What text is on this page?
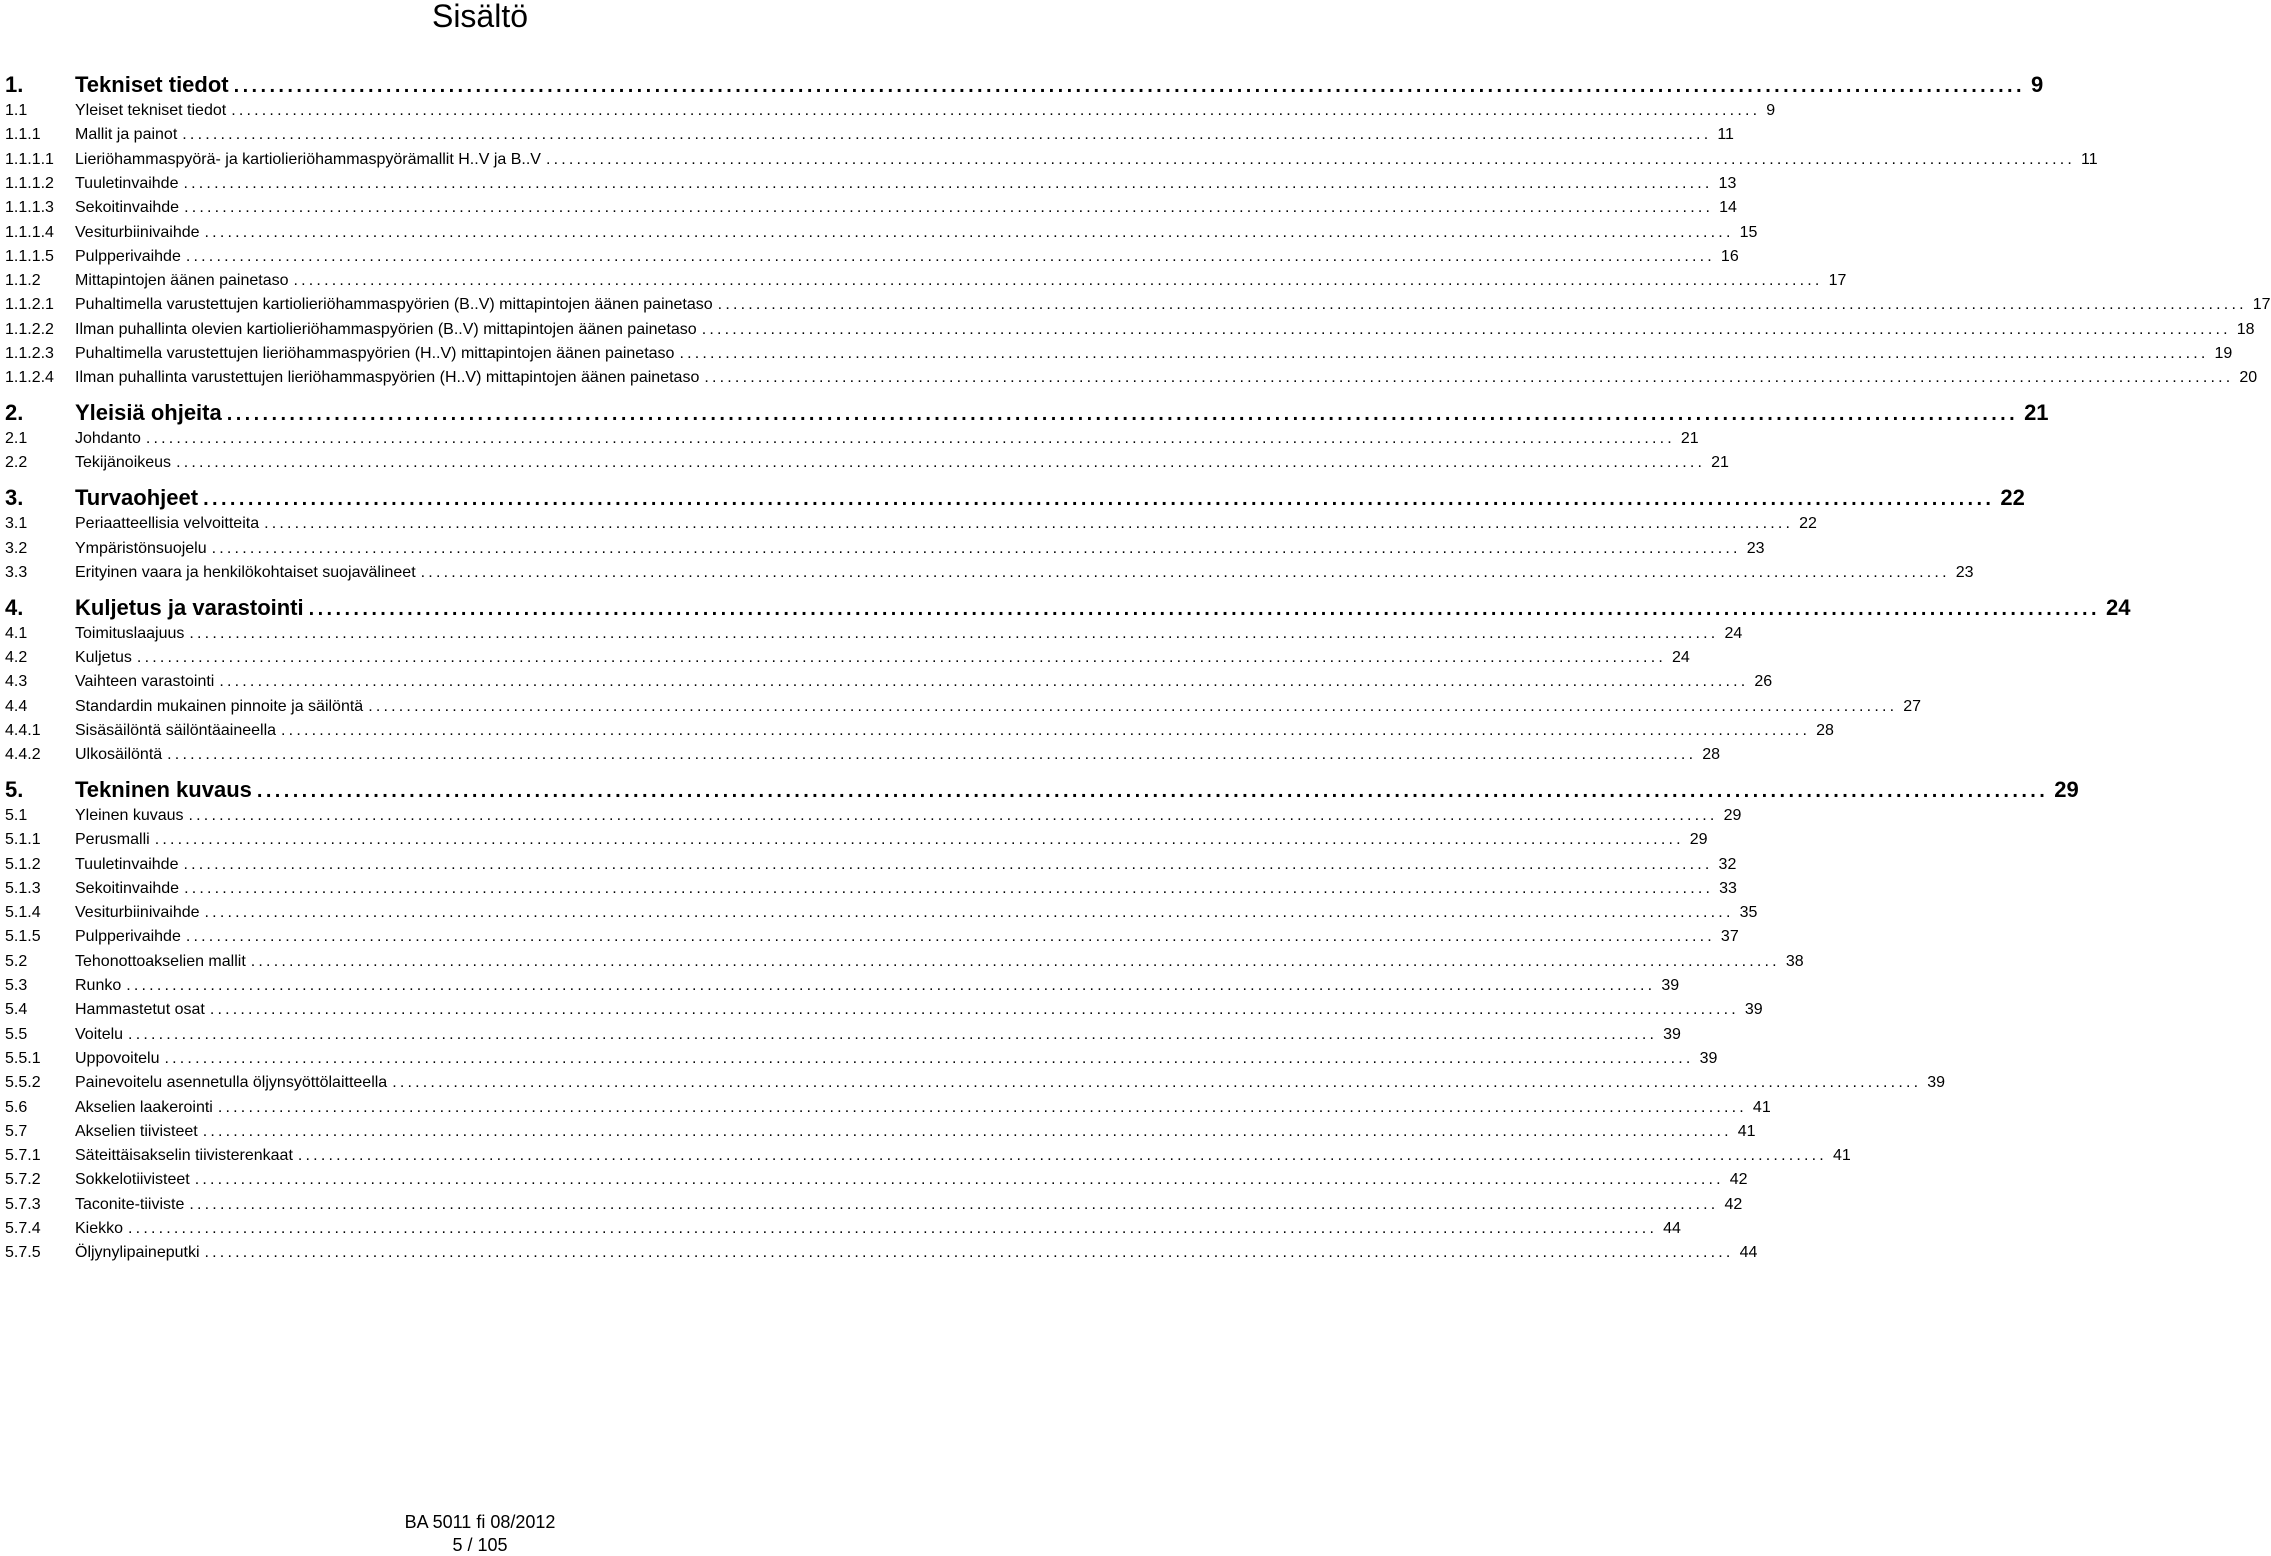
Sisältö
1.	Tekniset tiedot ........................................................................................................................................................................................................ 9
1.1	Yleiset tekniset tiedot ........................................................................................................................................................................................................ 9
1.1.1	Mallit ja painot ........................................................................................................................................................................................................ 11
1.1.1.1	Lieriöhammaspyörä- ja kartiolieriöhammaspyörämallit H..V ja B..V ........................................................................................................................................................................................................ 11
1.1.1.2	Tuuletinvaihde ........................................................................................................................................................................................................ 13
1.1.1.3	Sekoitinvaihde ........................................................................................................................................................................................................ 14
1.1.1.4	Vesiturbiinivaihde ........................................................................................................................................................................................................ 15
1.1.1.5	Pulpperivaihde ........................................................................................................................................................................................................ 16
1.1.2	Mittapintojen äänen painetaso ........................................................................................................................................................................................................ 17
1.1.2.1	Puhaltimella varustettujen kartiolieriöhammaspyörien (B..V) mittapintojen äänen painetaso ........................................................................................................................................................................................................ 17
1.1.2.2	Ilman puhallinta olevien kartiolieriöhammaspyörien (B..V) mittapintojen äänen painetaso ........................................................................................................................................................................................................ 18
1.1.2.3	Puhaltimella varustettujen lieriöhammaspyörien (H..V) mittapintojen äänen painetaso ........................................................................................................................................................................................................ 19
1.1.2.4	Ilman puhallinta varustettujen lieriöhammaspyörien (H..V) mittapintojen äänen painetaso ........................................................................................................................................................................................................ 20
2.	Yleisiä ohjeita ........................................................................................................................................................................................................ 21
2.1	Johdanto ........................................................................................................................................................................................................ 21
2.2	Tekijänoikeus ........................................................................................................................................................................................................ 21
3.	Turvaohjeet ........................................................................................................................................................................................................ 22
3.1	Periaatteellisia velvoitteita ........................................................................................................................................................................................................ 22
3.2	Ympäristönsuojelu ........................................................................................................................................................................................................ 23
3.3	Erityinen vaara ja henkilökohtaiset suojavälineet ........................................................................................................................................................................................................ 23
4.	Kuljetus ja varastointi ........................................................................................................................................................................................................ 24
4.1	Toimituslaajuus ........................................................................................................................................................................................................ 24
4.2	Kuljetus ........................................................................................................................................................................................................ 24
4.3	Vaihteen varastointi ........................................................................................................................................................................................................ 26
4.4	Standardin mukainen pinnoite ja säilöntä ........................................................................................................................................................................................................ 27
4.4.1	Sisäsäilöntä säilöntäaineella ........................................................................................................................................................................................................ 28
4.4.2	Ulkosäilöntä ........................................................................................................................................................................................................ 28
5.	Tekninen kuvaus ........................................................................................................................................................................................................ 29
5.1	Yleinen kuvaus ........................................................................................................................................................................................................ 29
5.1.1	Perusmalli ........................................................................................................................................................................................................ 29
5.1.2	Tuuletinvaihde ........................................................................................................................................................................................................ 32
5.1.3	Sekoitinvaihde ........................................................................................................................................................................................................ 33
5.1.4	Vesiturbiinivaihde ........................................................................................................................................................................................................ 35
5.1.5	Pulpperivaihde ........................................................................................................................................................................................................ 37
5.2	Tehonottoakselien mallit ........................................................................................................................................................................................................ 38
5.3	Runko ........................................................................................................................................................................................................ 39
5.4	Hammastetut osat ........................................................................................................................................................................................................ 39
5.5	Voitelu ........................................................................................................................................................................................................ 39
5.5.1	Uppovoitelu ........................................................................................................................................................................................................ 39
5.5.2	Painevoitelu asennetulla öljynsyöttölaitteella ........................................................................................................................................................................................................ 39
5.6	Akselien laakerointi ........................................................................................................................................................................................................ 41
5.7	Akselien tiivisteet ........................................................................................................................................................................................................ 41
5.7.1	Säteittäisakselin tiivisterenkaat ........................................................................................................................................................................................................ 41
5.7.2	Sokkelotiivisteet ........................................................................................................................................................................................................ 42
5.7.3	Taconite-tiiviste ........................................................................................................................................................................................................ 42
5.7.4	Kiekko ........................................................................................................................................................................................................ 44
5.7.5	Öljynylipaineputki ........................................................................................................................................................................................................ 44
BA 5011 fi 08/2012
5 / 105
